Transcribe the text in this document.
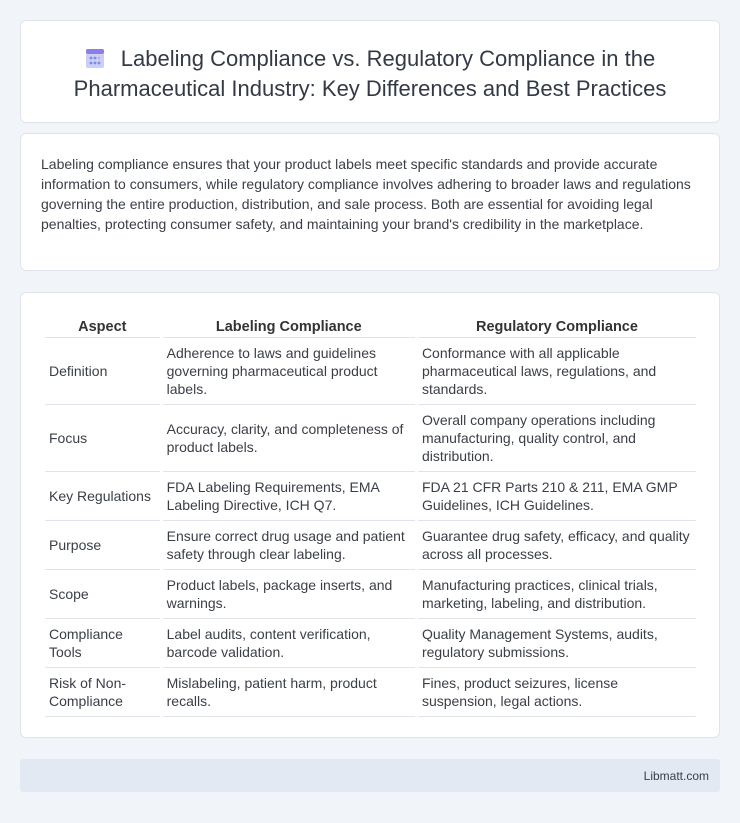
Labeling Compliance vs. Regulatory Compliance in the Pharmaceutical Industry: Key Differences and Best Practices

Labeling compliance ensures that your product labels meet specific standards and provide accurate information to consumers, while regulatory compliance involves adhering to broader laws and regulations governing the entire production, distribution, and sale process. Both are essential for avoiding legal penalties, protecting consumer safety, and maintaining your brand's credibility in the marketplace.

Aspect	Labeling Compliance	Regulatory Compliance
Definition	Adherence to laws and guidelines governing pharmaceutical product labels.	Conformance with all applicable pharmaceutical laws, regulations, and standards.
Focus	Accuracy, clarity, and completeness of product labels.	Overall company operations including manufacturing, quality control, and distribution.
Key Regulations	FDA Labeling Requirements, EMA Labeling Directive, ICH Q7.	FDA 21 CFR Parts 210 & 211, EMA GMP Guidelines, ICH Guidelines.
Purpose	Ensure correct drug usage and patient safety through clear labeling.	Guarantee drug safety, efficacy, and quality across all processes.
Scope	Product labels, package inserts, and warnings.	Manufacturing practices, clinical trials, marketing, labeling, and distribution.
Compliance Tools	Label audits, content verification, barcode validation.	Quality Management Systems, audits, regulatory submissions.
Risk of Non-Compliance	Mislabeling, patient harm, product recalls.	Fines, product seizures, license suspension, legal actions.
Libmatt.com
